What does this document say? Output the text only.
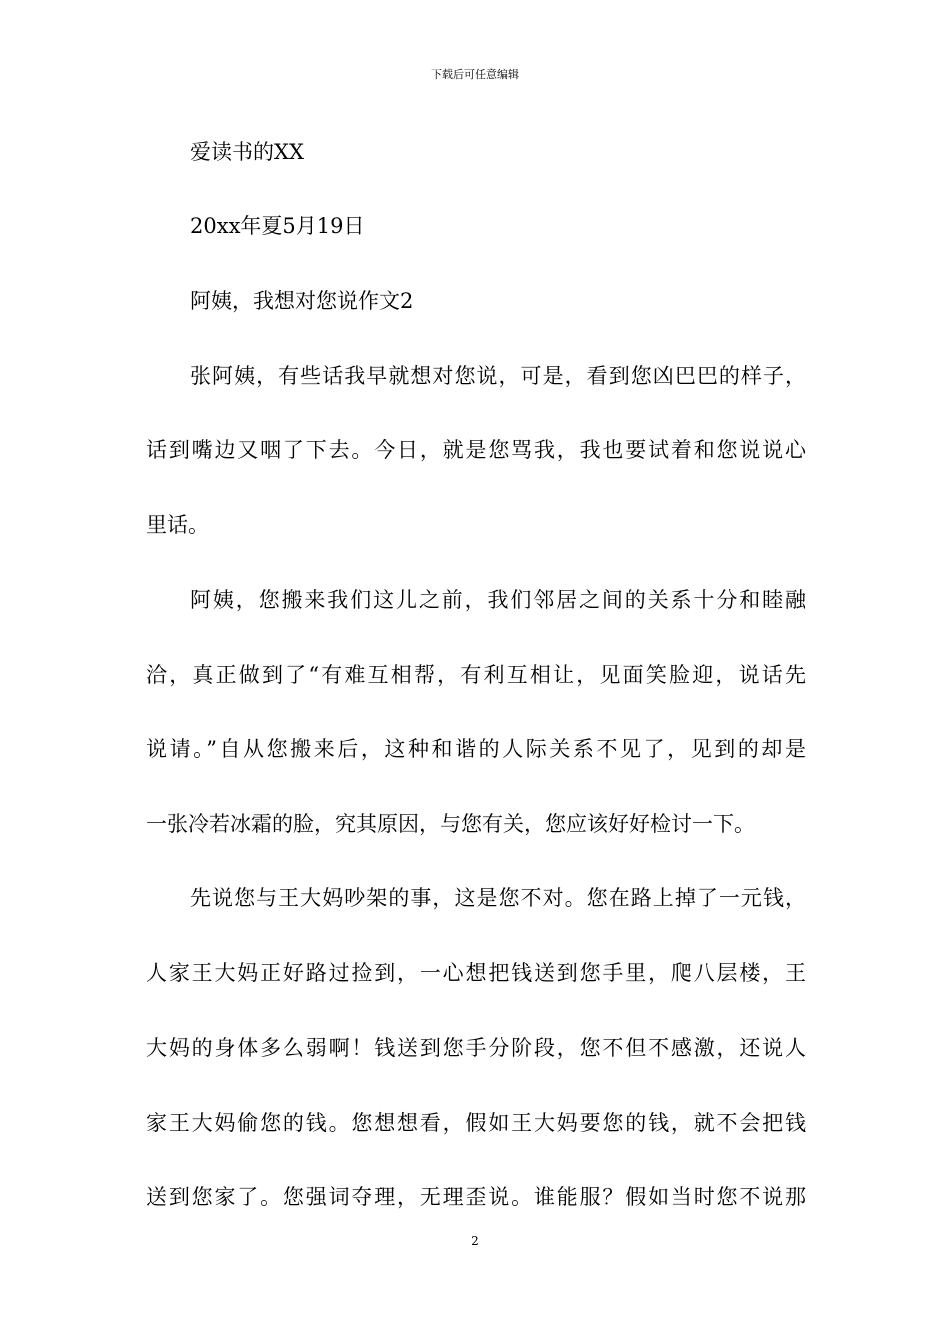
下载后可任意编辑
爱读书的XX
20xx年夏5月19日
阿姨，我想对您说作文2
张阿姨，有些话我早就想对您说，可是，看到您凶巴巴的样子，
话到嘴边又咽了下去。今日，就是您骂我，我也要试着和您说说心
里话。
阿姨，您搬来我们这儿之前，我们邻居之间的关系十分和睦融
洽，真正做到了“有难互相帮，有利互相让，见面笑脸迎，说话先
说请。”自从您搬来后，这种和谐的人际关系不见了，见到的却是
一张冷若冰霜的脸，究其原因，与您有关，您应该好好检讨一下。
先说您与王大妈吵架的事，这是您不对。您在路上掉了一元钱，
人家王大妈正好路过捡到，一心想把钱送到您手里，爬八层楼，王
大妈的身体多么弱啊！钱送到您手分阶段，您不但不感激，还说人
家王大妈偷您的钱。您想想看，假如王大妈要您的钱，就不会把钱
送到您家了。您强词夺理，无理歪说。谁能服？假如当时您不说那
2
